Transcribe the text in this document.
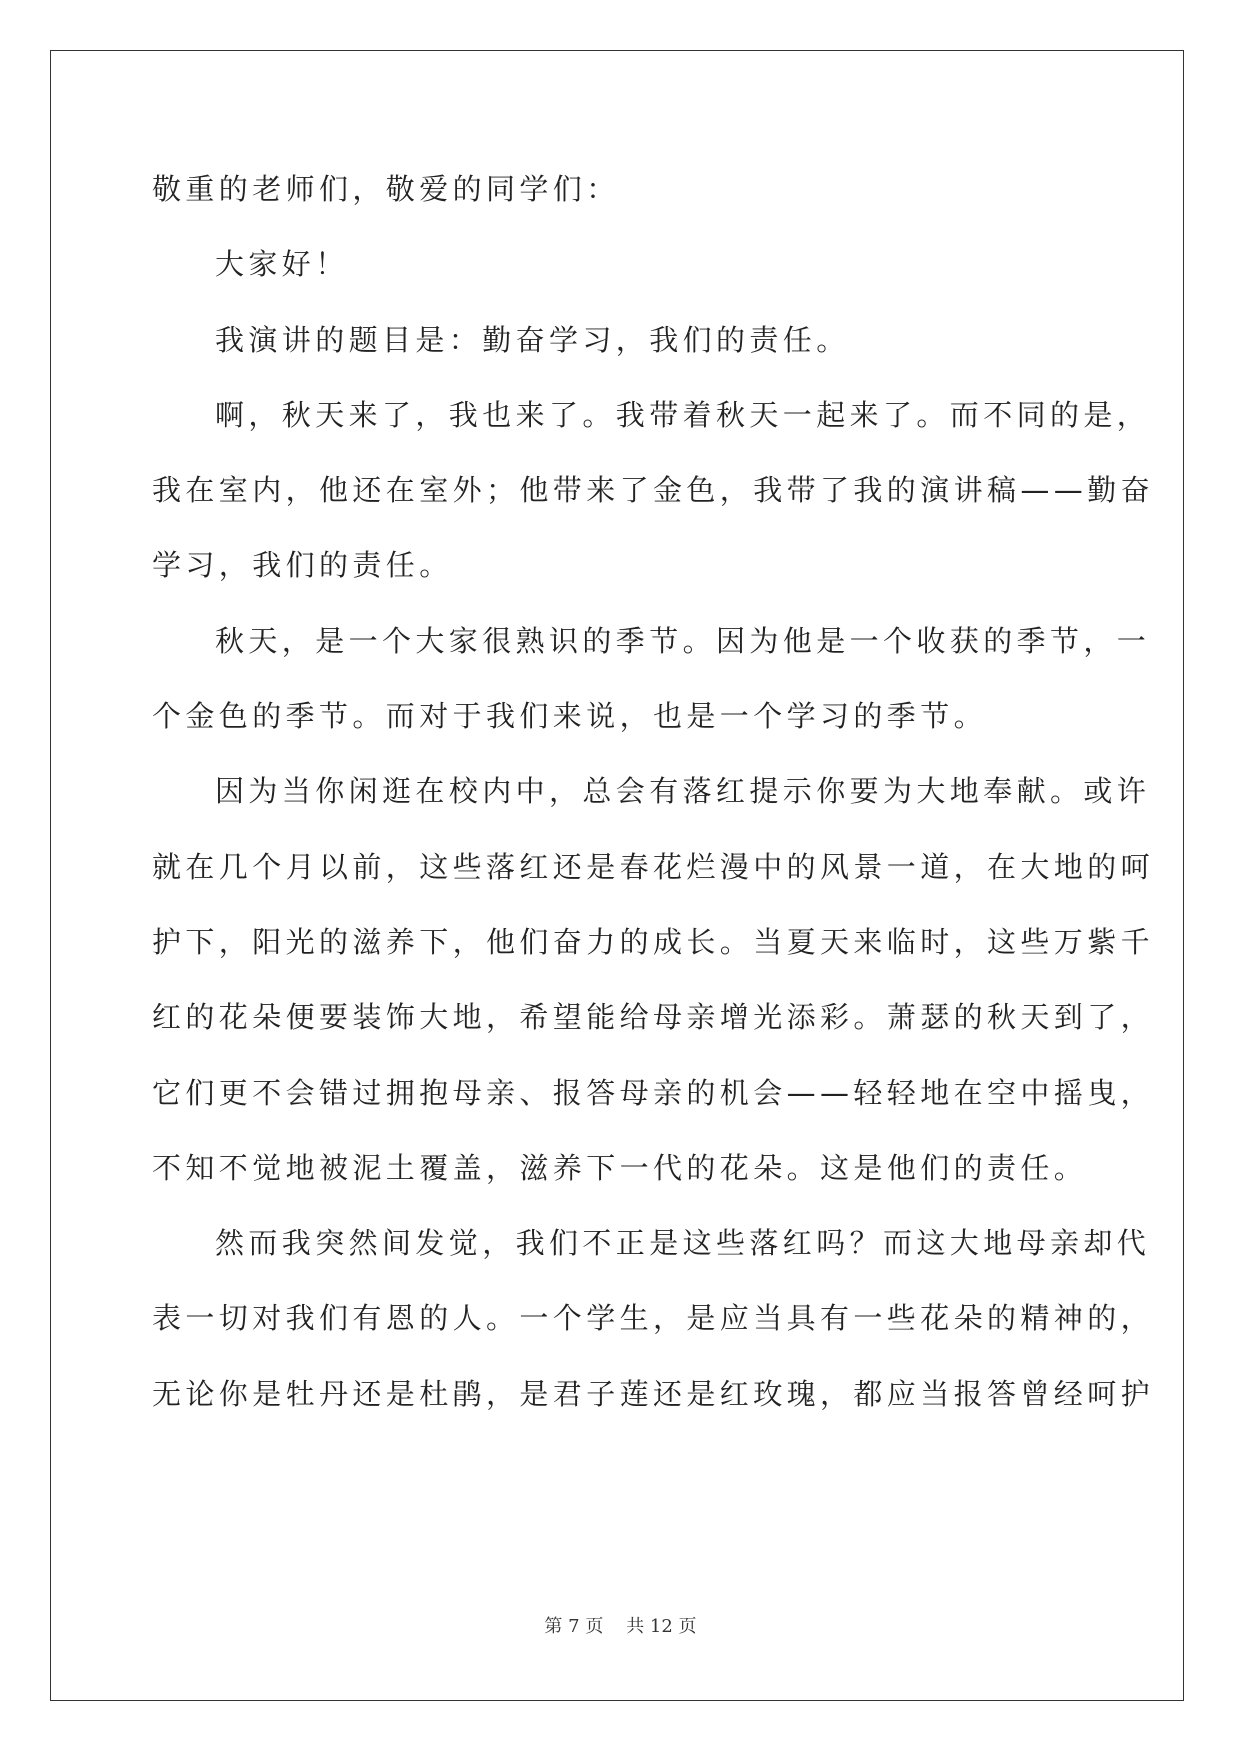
敬重的老师们，敬爱的同学们：
大家好！
我演讲的题目是：勤奋学习，我们的责任。
啊，秋天来了，我也来了。我带着秋天一起来了。而不同的是，
我在室内，他还在室外；他带来了金色，我带了我的演讲稿——勤奋
学习，我们的责任。
秋天，是一个大家很熟识的季节。因为他是一个收获的季节，一
个金色的季节。而对于我们来说，也是一个学习的季节。
因为当你闲逛在校内中，总会有落红提示你要为大地奉献。或许
就在几个月以前，这些落红还是春花烂漫中的风景一道，在大地的呵
护下，阳光的滋养下，他们奋力的成长。当夏天来临时，这些万紫千
红的花朵便要装饰大地，希望能给母亲增光添彩。萧瑟的秋天到了，
它们更不会错过拥抱母亲、报答母亲的机会——轻轻地在空中摇曳，
不知不觉地被泥土覆盖，滋养下一代的花朵。这是他们的责任。
然而我突然间发觉，我们不正是这些落红吗？而这大地母亲却代
表一切对我们有恩的人。一个学生，是应当具有一些花朵的精神的，
无论你是牡丹还是杜鹃，是君子莲还是红玫瑰，都应当报答曾经呵护
第 7 页    共 12 页
